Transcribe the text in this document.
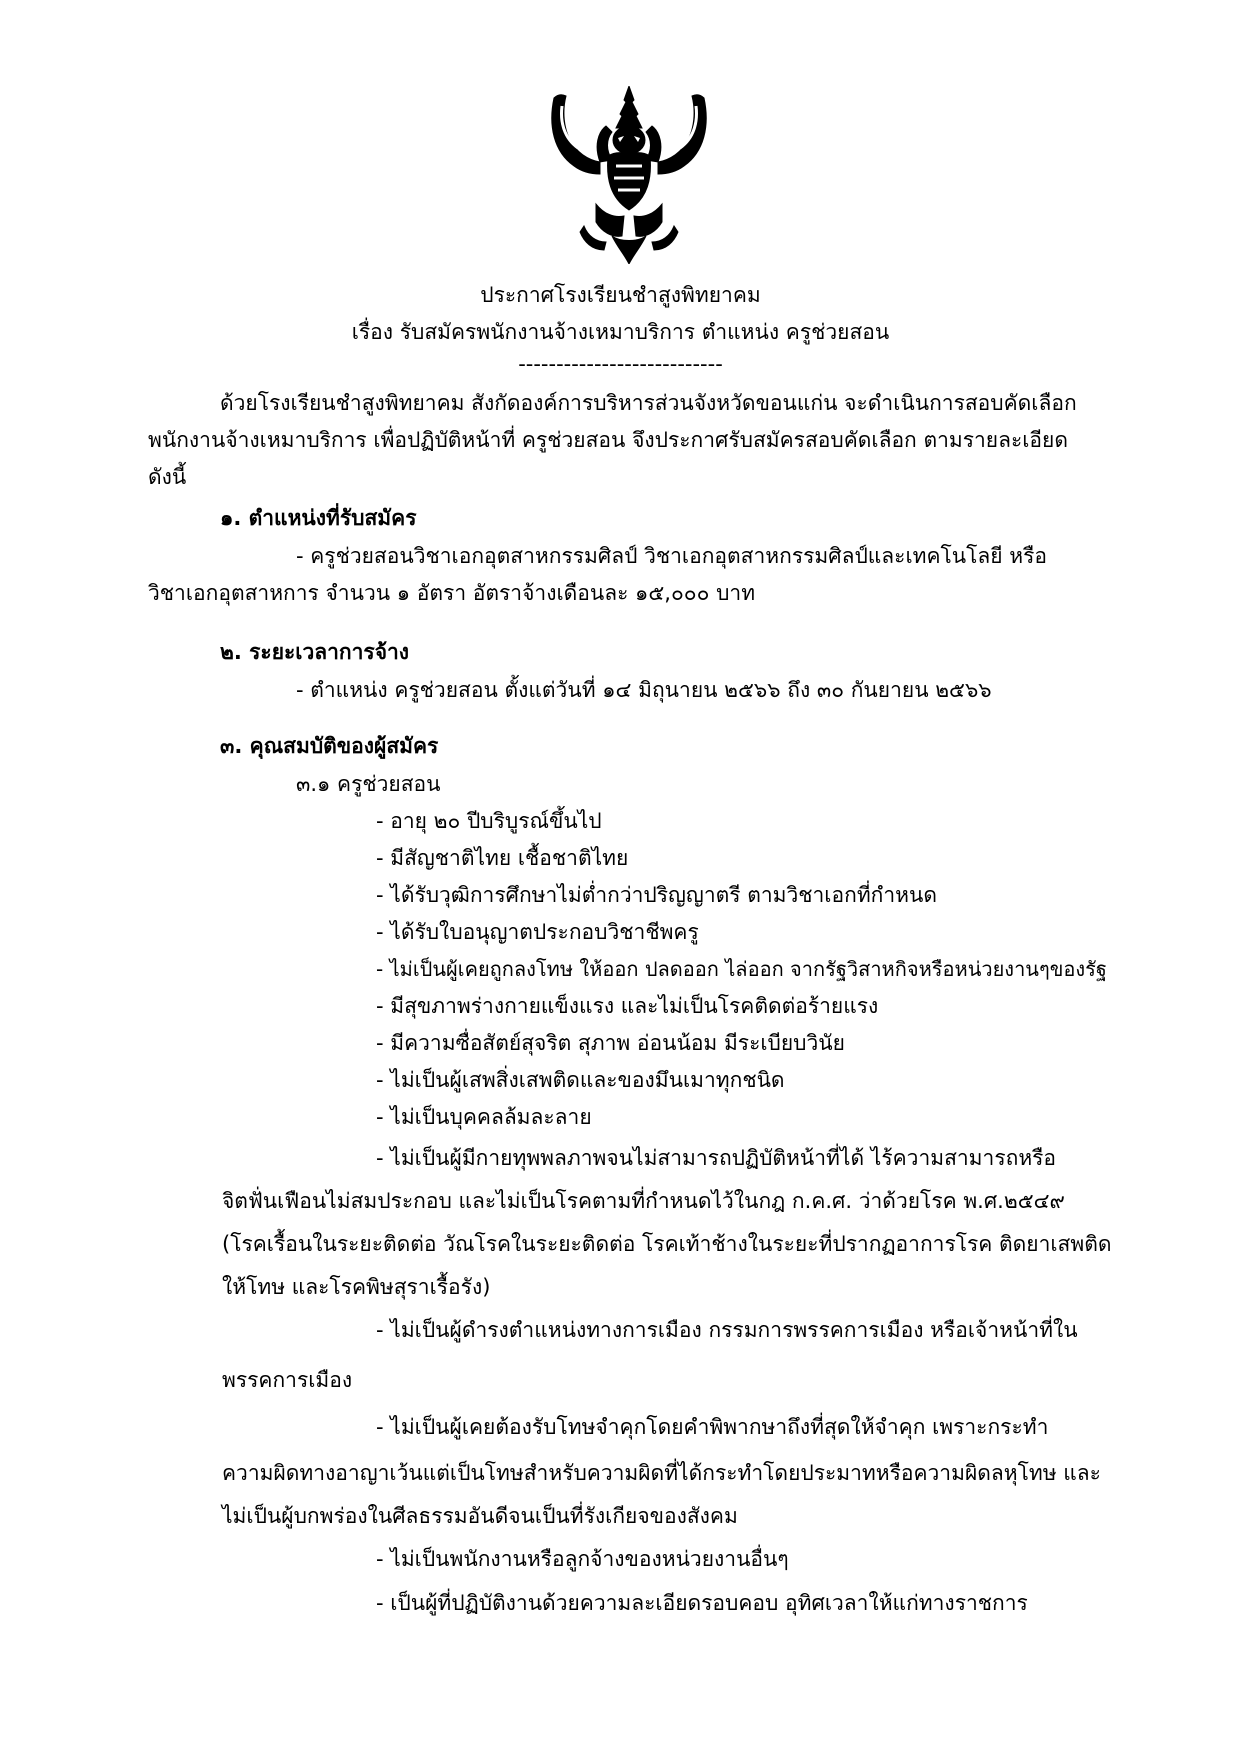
ประกาศโรงเรียนชำสูงพิทยาคม
เรื่อง รับสมัครพนักงานจ้างเหมาบริการ ตำแหน่ง ครูช่วยสอน
---------------------------
ด้วยโรงเรียนชำสูงพิทยาคม สังกัดองค์การบริหารส่วนจังหวัดขอนแก่น จะดำเนินการสอบคัดเลือก
พนักงานจ้างเหมาบริการ เพื่อปฏิบัติหน้าที่ ครูช่วยสอน จึงประกาศรับสมัครสอบคัดเลือก ตามรายละเอียด
ดังนี้
๑. ตำแหน่งที่รับสมัคร
- ครูช่วยสอนวิชาเอกอุตสาหกรรมศิลป์ วิชาเอกอุตสาหกรรมศิลป์และเทคโนโลยี หรือ
วิชาเอกอุตสาหการ จำนวน ๑ อัตรา อัตราจ้างเดือนละ ๑๕,๐๐๐ บาท
๒. ระยะเวลาการจ้าง
- ตำแหน่ง ครูช่วยสอน ตั้งแต่วันที่ ๑๔ มิถุนายน ๒๕๖๖ ถึง ๓๐ กันยายน ๒๕๖๖
๓. คุณสมบัติของผู้สมัคร
๓.๑ ครูช่วยสอน
- อายุ ๒๐ ปีบริบูรณ์ขึ้นไป
- มีสัญชาติไทย เชื้อชาติไทย
- ได้รับวุฒิการศึกษาไม่ต่ำกว่าปริญญาตรี ตามวิชาเอกที่กำหนด
- ได้รับใบอนุญาตประกอบวิชาชีพครู
- ไม่เป็นผู้เคยถูกลงโทษ ให้ออก ปลดออก ไล่ออก จากรัฐวิสาหกิจหรือหน่วยงานๆของรัฐ
- มีสุขภาพร่างกายแข็งแรง และไม่เป็นโรคติดต่อร้ายแรง
- มีความซื่อสัตย์สุจริต สุภาพ อ่อนน้อม มีระเบียบวินัย
- ไม่เป็นผู้เสพสิ่งเสพติดและของมึนเมาทุกชนิด
- ไม่เป็นบุคคลล้มละลาย
- ไม่เป็นผู้มีกายทุพพลภาพจนไม่สามารถปฏิบัติหน้าที่ได้ ไร้ความสามารถหรือ
จิตฟั่นเฟือนไม่สมประกอบ และไม่เป็นโรคตามที่กำหนดไว้ในกฎ ก.ค.ศ. ว่าด้วยโรค พ.ศ.๒๕๔๙
(โรคเรื้อนในระยะติดต่อ วัณโรคในระยะติดต่อ โรคเท้าช้างในระยะที่ปรากฏอาการโรค ติดยาเสพติด
ให้โทษ และโรคพิษสุราเรื้อรัง)
- ไม่เป็นผู้ดำรงตำแหน่งทางการเมือง กรรมการพรรคการเมือง หรือเจ้าหน้าที่ใน
พรรคการเมือง
- ไม่เป็นผู้เคยต้องรับโทษจำคุกโดยคำพิพากษาถึงที่สุดให้จำคุก เพราะกระทำ
ความผิดทางอาญาเว้นแต่เป็นโทษสำหรับความผิดที่ได้กระทำโดยประมาทหรือความผิดลหุโทษ และ
ไม่เป็นผู้บกพร่องในศีลธรรมอันดีจนเป็นที่รังเกียจของสังคม
- ไม่เป็นพนักงานหรือลูกจ้างของหน่วยงานอื่นๆ
- เป็นผู้ที่ปฏิบัติงานด้วยความละเอียดรอบคอบ อุทิศเวลาให้แก่ทางราชการ
